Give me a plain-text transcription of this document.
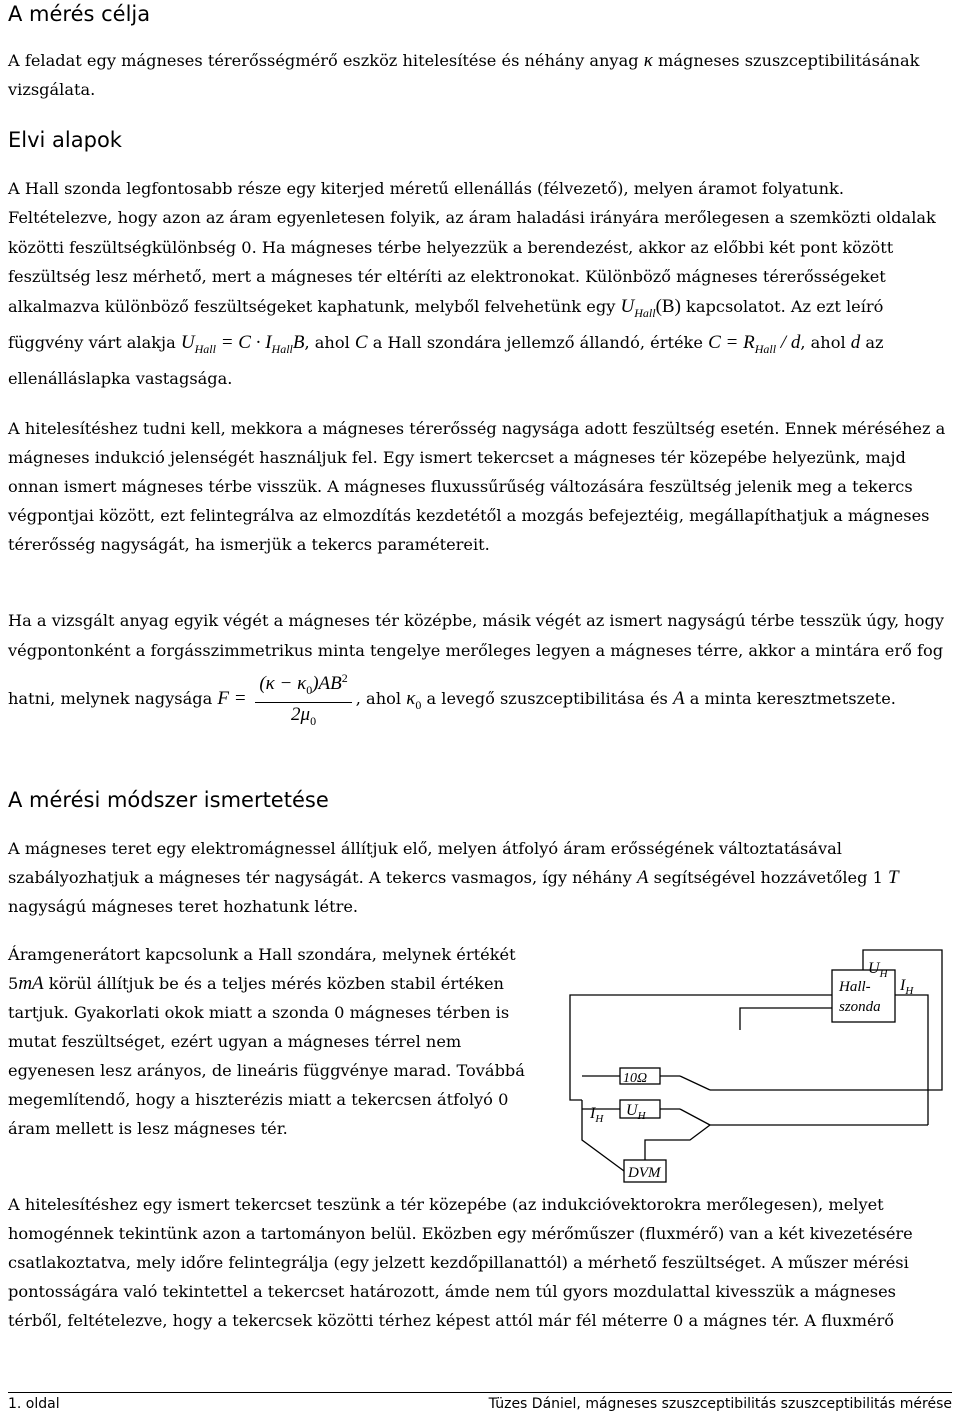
A mérés célja

A feladat egy mágneses térerősségmérő eszköz hitelesítése és néhány anyag κ mágneses szuszceptibilitásának vizsgálata.

Elvi alapok

A Hall szonda legfontosabb része egy kiterjed méretű ellenállás (félvezető), melyen áramot folyatunk. Feltételezve, hogy azon az áram egyenletesen folyik, az áram haladási irányára merőlegesen a szemközti oldalak közötti feszültségkülönbség 0. Ha mágneses térbe helyezzük a berendezést, akkor az előbbi két pont között feszültség lesz mérhető, mert a mágneses tér eltéríti az elektronokat. Különböző mágneses térerősségeket alkalmazva különböző feszültségeket kaphatunk, melyből felvehetünk egy $U_{Hall}(B)$ kapcsolatot. Az ezt leíró függvény várt alakja $U_{Hall} = C \cdot I_{Hall}B$, ahol C a Hall szondára jellemző állandó, értéke $C = R_{Hall} / d$, ahol d az ellenálláslapka vastagsága.

A hitelesítéshez tudni kell, mekkora a mágneses térerősség nagysága adott feszültség esetén. Ennek méréséhez a mágneses indukció jelenségét használjuk fel. Egy ismert tekercset a mágneses tér közepébe helyezünk, majd onnan ismert mágneses térbe visszük. A mágneses fluxussűrűség változására feszültség jelenik meg a tekercs végpontjai között, ezt felintegrálva az elmozdítás kezdetétől a mozgás befejeztéig, megállapíthatjuk a mágneses térerősség nagyságát, ha ismerjük a tekercs paramétereit.

Ha a vizsgált anyag egyik végét a mágneses tér középbe, másik végét az ismert nagyságú térbe tesszük úgy, hogy végpontonként a forgásszimmetrikus minta tengelye merőleges legyen a mágneses térre, akkor a mintára erő fog hatni, melynek nagysága $F = \frac{(\kappa - \kappa_0)AB^2}{2\mu_0}$ , ahol $\kappa_0$ a levegő szuszceptibilitása és A a minta keresztmetszete.

A mérési módszer ismertetése

A mágneses teret egy elektromágnessel állítjuk elő, melyen átfolyó áram erősségének változtatásával szabályozhatjuk a mágneses tér nagyságát. A tekercs vasmagos, így néhány A segítségével hozzávetőleg 1 T nagyságú mágneses teret hozhatunk létre.

Áramgenerátort kapcsolunk a Hall szondára, melynek értékét 5mA körül állítjuk be és a teljes mérés közben stabil értéken tartjuk. Gyakorlati okok miatt a szonda 0 mágneses térben is mutat feszültséget, ezért ugyan a mágneses térrel nem egyenesen lesz arányos, de lineáris függvénye marad. Továbbá megemlítendő, hogy a hiszterézis miatt a tekercsen átfolyó 0 áram mellett is lesz mágneses tér.

$U_H$
Hall-
szonda
$I_H$
10Ω
$I_H$ $U_H$
DVM

A hitelesítéshez egy ismert tekercset teszünk a tér közepébe (az indukcióvektorokra merőlegesen), melyet homogénnek tekintünk azon a tartományon belül. Eközben egy mérőműszer (fluxmérő) van a két kivezetésére csatlakoztatva, mely időre felintegrálja (egy jelzett kezdőpillanattól) a mérhető feszültséget. A műszer mérési pontosságára való tekintettel a tekercset határozott, ámde nem túl gyors mozdulattal kivesszük a mágneses térből, feltételezve, hogy a tekercsek közötti térhez képest attól már fél méterre 0 a mágnes tér. A fluxmérő

1. oldal	Tüzes Dániel, mágneses szuszceptibilitás szuszceptibilitás mérése
